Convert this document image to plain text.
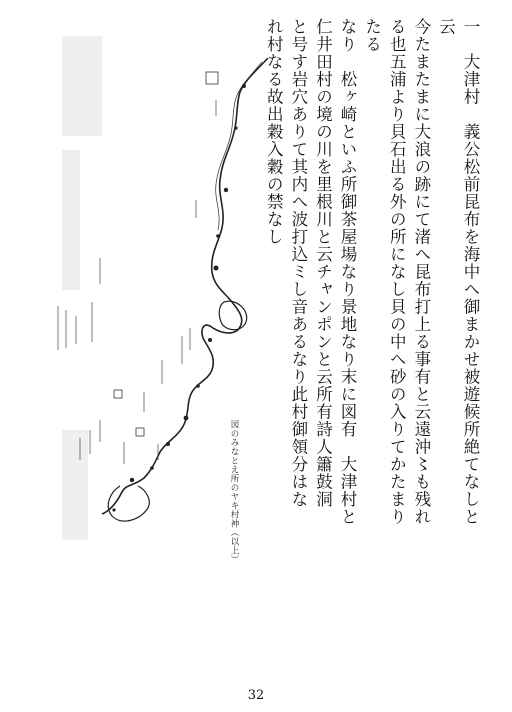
図のみなとえ所のヤキ村神（以上）	一　大津村　義公松前昆布を海中へ御まかせ被遊候所絶てなしと云

今たまたまに大浪の跡にて渚へ昆布打上る事有と云遠沖〻も残れ

る也五浦より貝石出る外の所になし貝の中へ砂の入りてかたまりたる

なり　松ヶ崎といふ所御茶屋場なり景地なり末に図有　大津村と

仁井田村の境の川を里根川と云チャンポンと云所有詩人簫鼓洞

と号す岩穴ありて其内へ波打込ミし音あるなり此村御領分はな

れ村なる故出穀入穀の禁なし

32
